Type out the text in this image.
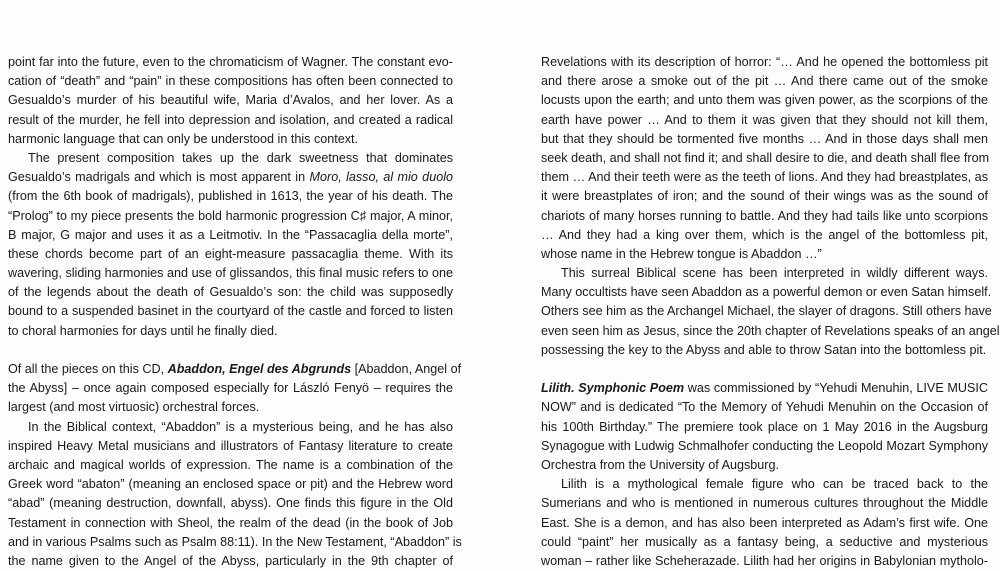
point far into the future, even to the chromaticism of Wagner. The constant evo-
cation of “death” and “pain” in these compositions has often been connected to
Gesualdo’s murder of his beautiful wife, Maria d’Avalos, and her lover. As a
result of the murder, he fell into depression and isolation, and created a radical
harmonic language that can only be understood in this context.
The present composition takes up the dark sweetness that dominates
Gesualdo’s madrigals and which is most apparent in Moro, lasso, al mio duolo
(from the 6th book of madrigals), published in 1613, the year of his death. The
“Prolog” to my piece presents the bold harmonic progression C♯ major, A minor,
B major, G major and uses it as a Leitmotiv. In the “Passacaglia della morte”,
these chords become part of an eight-measure passacaglia theme. With its
wavering, sliding harmonies and use of glissandos, this final music refers to one
of the legends about the death of Gesualdo’s son: the child was supposedly
bound to a suspended basinet in the courtyard of the castle and forced to listen
to choral harmonies for days until he finally died.
Of all the pieces on this CD, Abaddon, Engel des Abgrunds [Abaddon, Angel of
the Abyss] – once again composed especially for László Fenyö – requires the
largest (and most virtuosic) orchestral forces.
In the Biblical context, “Abaddon” is a mysterious being, and he has also
inspired Heavy Metal musicians and illustrators of Fantasy literature to create
archaic and magical worlds of expression. The name is a combination of the
Greek word “abaton” (meaning an enclosed space or pit) and the Hebrew word
“abad” (meaning destruction, downfall, abyss). One finds this figure in the Old
Testament in connection with Sheol, the realm of the dead (in the book of Job
and in various Psalms such as Psalm 88:11). In the New Testament, “Abaddon” is
the name given to the Angel of the Abyss, particularly in the 9th chapter of
Revelations with its description of horror: “… And he opened the bottomless pit
and there arose a smoke out of the pit … And there came out of the smoke
locusts upon the earth; and unto them was given power, as the scorpions of the
earth have power … And to them it was given that they should not kill them,
but that they should be tormented five months … And in those days shall men
seek death, and shall not find it; and shall desire to die, and death shall flee from
them … And their teeth were as the teeth of lions. And they had breastplates, as
it were breastplates of iron; and the sound of their wings was as the sound of
chariots of many horses running to battle. And they had tails like unto scorpions
… And they had a king over them, which is the angel of the bottomless pit,
whose name in the Hebrew tongue is Abaddon …”
This surreal Biblical scene has been interpreted in wildly different ways.
Many occultists have seen Abaddon as a powerful demon or even Satan himself.
Others see him as the Archangel Michael, the slayer of dragons. Still others have
even seen him as Jesus, since the 20th chapter of Revelations speaks of an angel
possessing the key to the Abyss and able to throw Satan into the bottomless pit.
Lilith. Symphonic Poem was commissioned by “Yehudi Menuhin, LIVE MUSIC
NOW” and is dedicated “To the Memory of Yehudi Menuhin on the Occasion of
his 100th Birthday.” The premiere took place on 1 May 2016 in the Augsburg
Synagogue with Ludwig Schmalhofer conducting the Leopold Mozart Symphony
Orchestra from the University of Augsburg.
Lilith is a mythological female figure who can be traced back to the
Sumerians and who is mentioned in numerous cultures throughout the Middle
East. She is a demon, and has also been interpreted as Adam’s first wife. One
could “paint” her musically as a fantasy being, a seductive and mysterious
woman – rather like Scheherazade. Lilith had her origins in Babylonian mytholo-
